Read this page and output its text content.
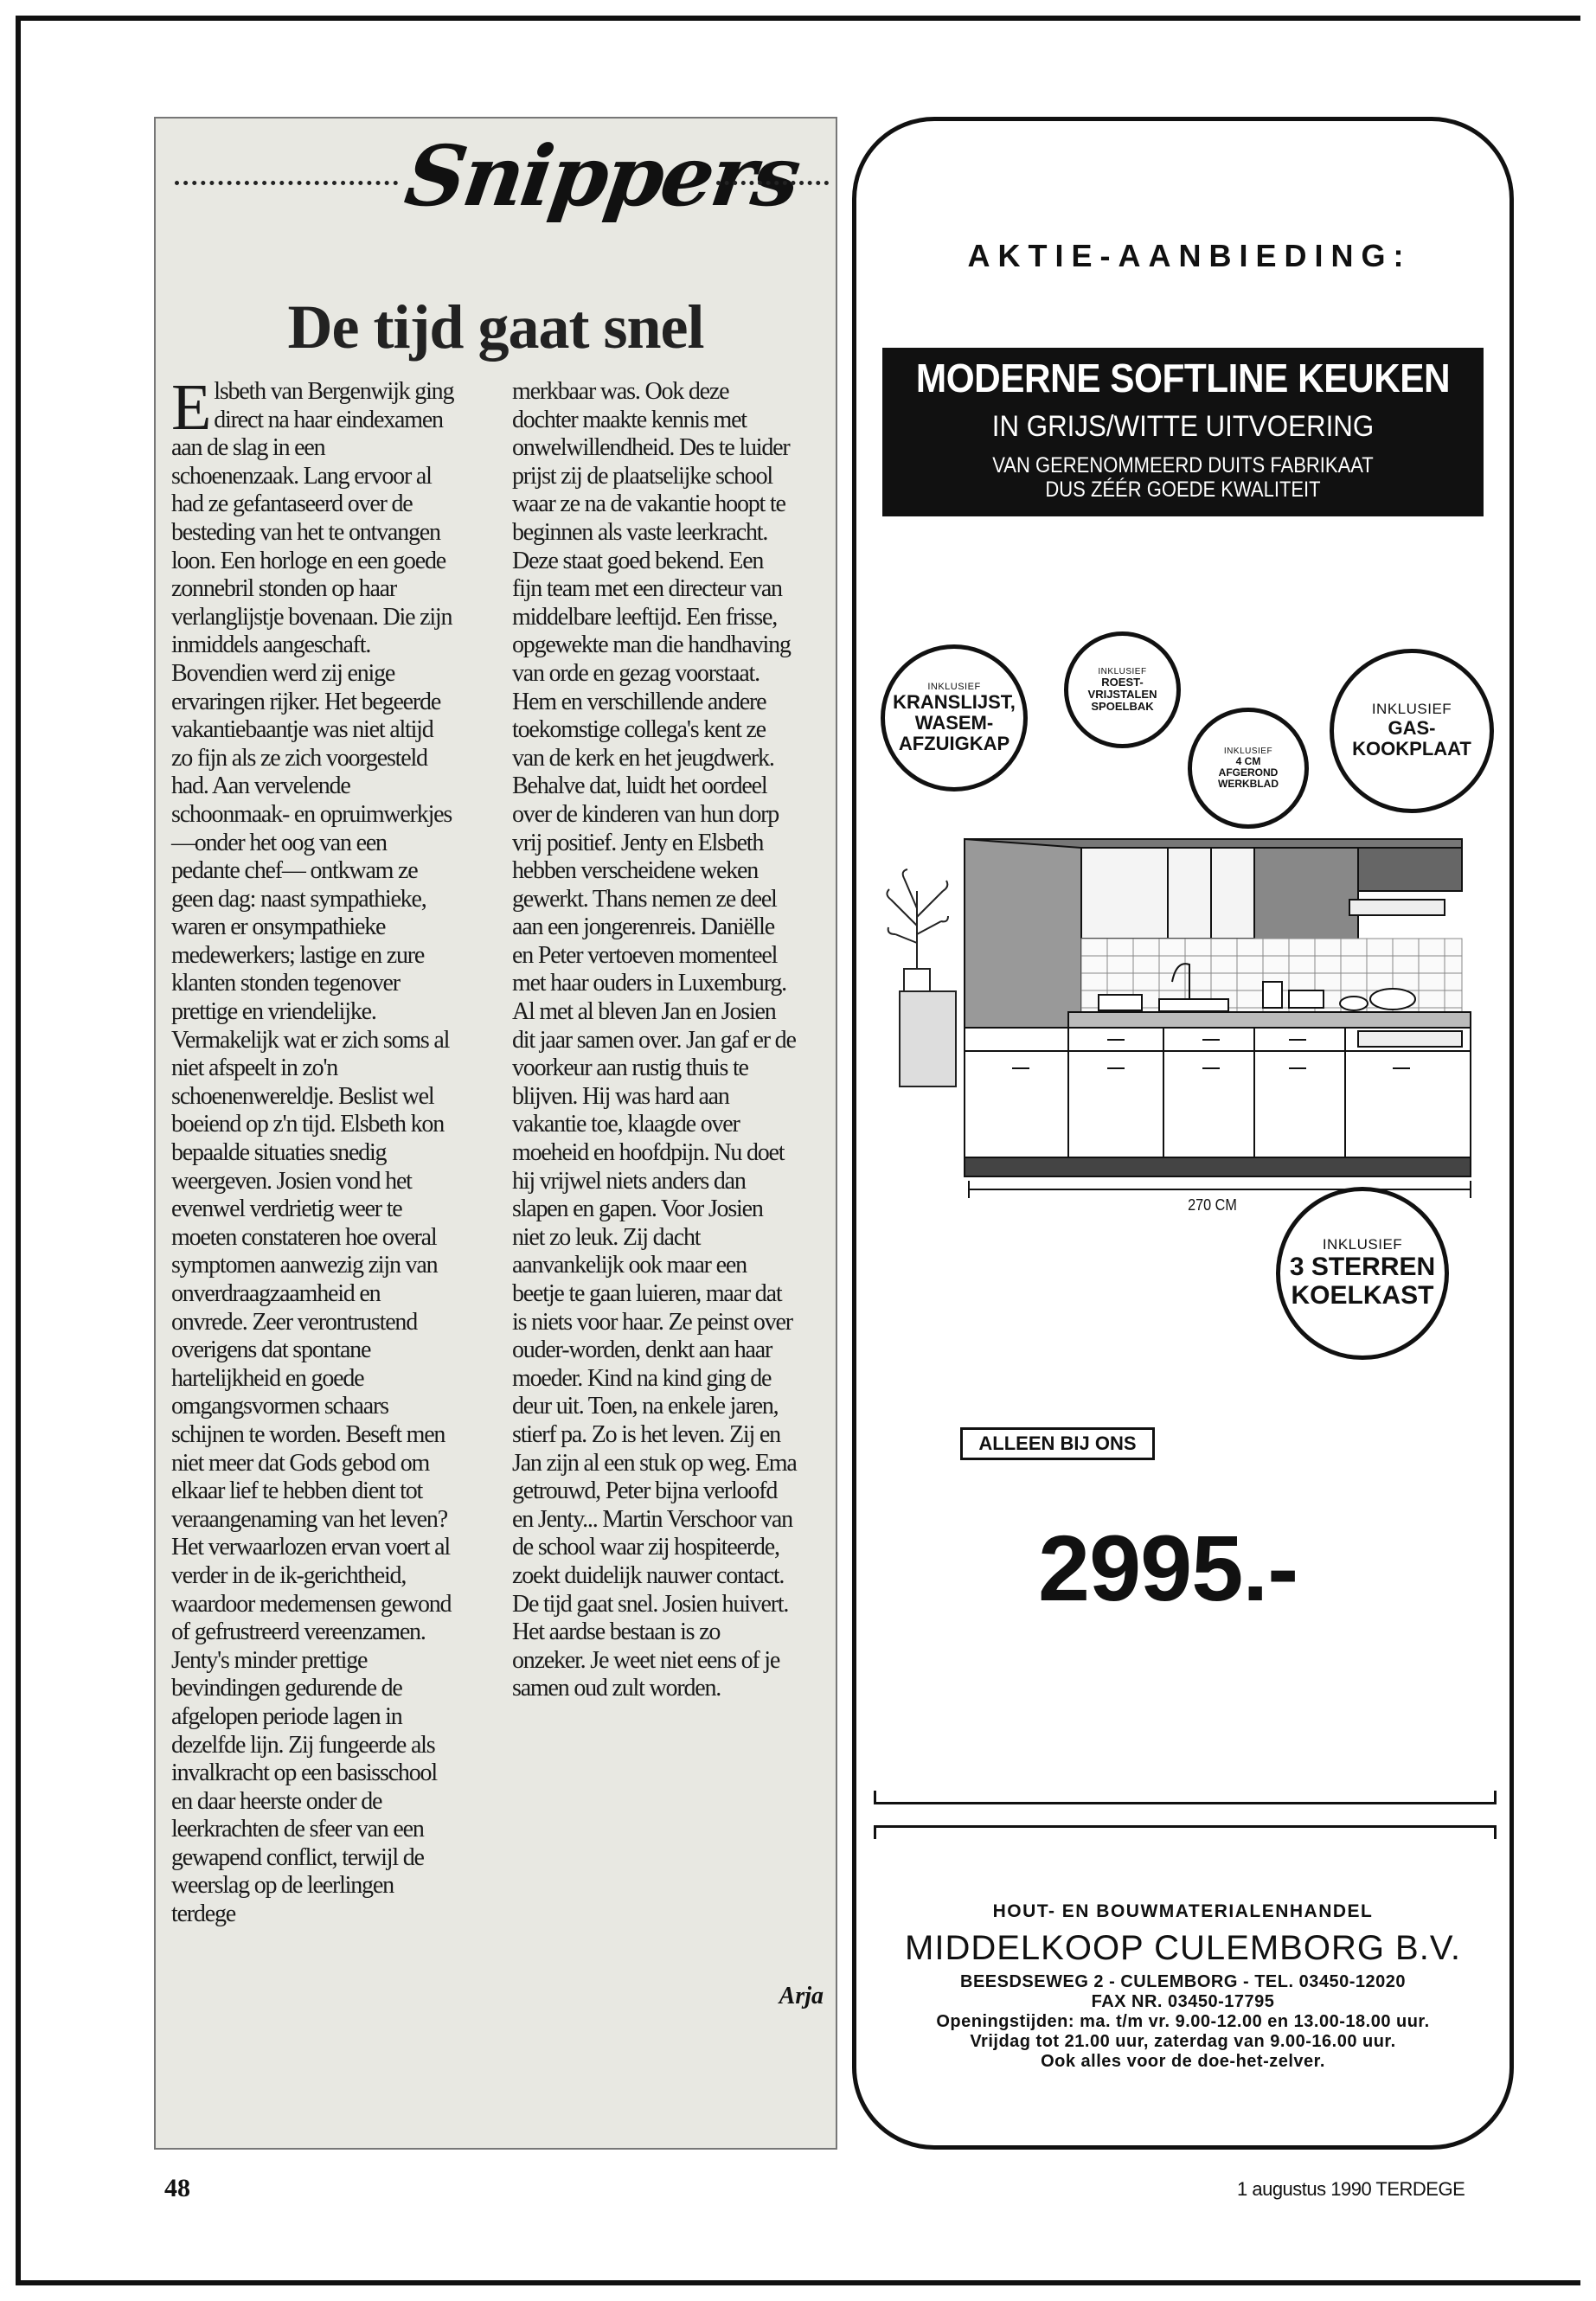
Snippers
De tijd gaat snel
E lsbeth van Bergenwijk ging direct na haar eindexamen aan de slag in een schoenenzaak. Lang ervoor al had ze gefantaseerd over de besteding van het te ontvangen loon. Een horloge en een goede zonnebril stonden op haar verlanglijstje bovenaan. Die zijn inmiddels aangeschaft. Bovendien werd zij enige ervaringen rijker. Het begeerde vakantiebaantje was niet altijd zo fijn als ze zich voorgesteld had. Aan vervelende schoonmaak- en opruimwerkjes —onder het oog van een pedante chef— ontkwam ze geen dag: naast sympathieke, waren er onsympathieke medewerkers; lastige en zure klanten stonden tegenover prettige en vriendelijke. Vermakelijk wat er zich soms al niet afspeelt in zo'n schoenenwereldje. Beslist wel boeiend op z'n tijd. Elsbeth kon bepaalde situaties snedig weergeven. Josien vond het evenwel verdrietig weer te moeten constateren hoe overal symptomen aanwezig zijn van onverdraagzaamheid en onvrede. Zeer verontrustend overigens dat spontane hartelijkheid en goede omgangsvormen schaars schijnen te worden. Beseft men niet meer dat Gods gebod om elkaar lief te hebben dient tot veraangenaming van het leven? Het verwaarlozen ervan voert al verder in de ik-gerichtheid, waardoor medemensen gewond of gefrustreerd vereenzamen. Jenty's minder prettige bevindingen gedurende de afgelopen periode lagen in dezelfde lijn. Zij fungeerde als invalkracht op een basisschool en daar heerste onder de leerkrachten de sfeer van een gewapend conflict, terwijl de weerslag op de leerlingen terdege
merkbaar was. Ook deze dochter maakte kennis met onwelwillendheid. Des te luider prijst zij de plaatselijke school waar ze na de vakantie hoopt te beginnen als vaste leerkracht. Deze staat goed bekend. Een fijn team met een directeur van middelbare leeftijd. Een frisse, opgewekte man die handhaving van orde en gezag voorstaat. Hem en verschillende andere toekomstige collega's kent ze van de kerk en het jeugdwerk. Behalve dat, luidt het oordeel over de kinderen van hun dorp vrij positief. Jenty en Elsbeth hebben verscheidene weken gewerkt. Thans nemen ze deel aan een jongerenreis. Daniëlle en Peter vertoeven momenteel met haar ouders in Luxemburg. Al met al bleven Jan en Josien dit jaar samen over. Jan gaf er de voorkeur aan rustig thuis te blijven. Hij was hard aan vakantie toe, klaagde over moeheid en hoofdpijn. Nu doet hij vrijwel niets anders dan slapen en gapen. Voor Josien niet zo leuk. Zij dacht aanvankelijk ook maar een beetje te gaan luieren, maar dat is niets voor haar. Ze peinst over ouder-worden, denkt aan haar moeder. Kind na kind ging de deur uit. Toen, na enkele jaren, stierf pa. Zo is het leven. Zij en Jan zijn al een stuk op weg. Ema getrouwd, Peter bijna verloofd en Jenty... Martin Verschoor van de school waar zij hospiteerde, zoekt duidelijk nauwer contact. De tijd gaat snel. Josien huivert. Het aardse bestaan is zo onzeker. Je weet niet eens of je samen oud zult worden.
Arja
48	1 augustus 1990 TERDEGE
AKTIE-AANBIEDING:
MODERNE SOFTLINE KEUKEN
IN GRIJS/WITTE UITVOERING
VAN GERENOMMEERD DUITS FABRIKAAT
DUS ZÉÉR GOEDE KWALITEIT
270 CM
INKLUSIEF
KRANSLIJST,
WASEM-
AFZUIGKAP
INKLUSIEF
ROEST-
VRIJSTALEN
SPOELBAK
INKLUSIEF
4 CM
AFGEROND
WERKBLAD
INKLUSIEF
GAS-
KOOKPLAAT
INKLUSIEF
3 STERREN
KOELKAST
ALLEEN BIJ ONS
2995.-
HOUT- EN BOUWMATERIALENHANDEL
MIDDELKOOP CULEMBORG B.V.
BEESDSEWEG 2 - CULEMBORG - TEL. 03450-12020
FAX NR. 03450-17795
Openingstijden: ma. t/m vr. 9.00-12.00 en 13.00-18.00 uur.
Vrijdag tot 21.00 uur, zaterdag van 9.00-16.00 uur.
Ook alles voor de doe-het-zelver.
